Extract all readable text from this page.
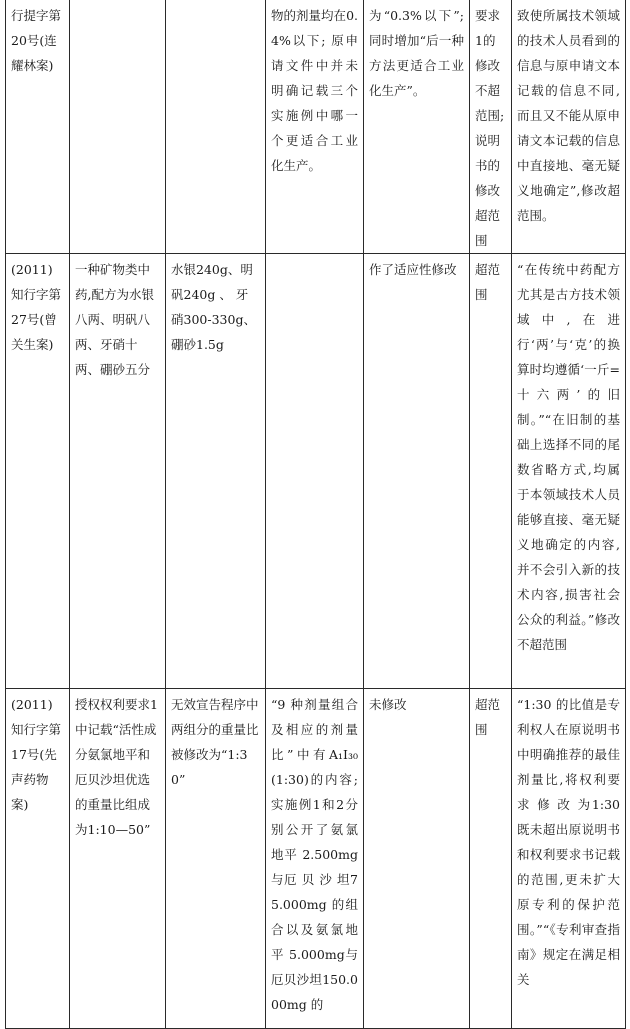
行提字第20号(连耀林案)			物的剂量均在0.4%以下; 原申请文件中并未明确记载三个实施例中哪一个更适合工业化生产。	为“0.3%以下”; 同时增加“后一种方法更适合工业化生产”。	要求1的修改不超范围; 说明书的修改超范围	致使所属技术领域的技术人员看到的信息与原申请文本记载的信息不同,而且又不能从原申请文本记载的信息中直接地、毫无疑义地确定”,修改超范围。
(2011)知行字第27号(曾关生案)	一种矿物类中药,配方为水银八两、明矾八两、牙硝十两、硼砂五分	水银240g、明矾240g 、 牙 硝300-330g、硼砂1.5g		作了适应性修改	超范围	“在传统中药配方尤其是古方技术领域中,在进行‘两’与‘克’的换算时均遵循‘一斤=十六两’的旧制。”“在旧制的基础上选择不同的尾数省略方式,均属于本领域技术人员能够直接、毫无疑义地确定的内容,并不会引入新的技术内容,损害社会公众的利益。”修改不超范围
(2011)知行字第17号(先声药物案)	授权权利要求1中记载“活性成分氨氯地平和厄贝沙坦优选的重量比组成为1:10—50”	无效宣告程序中两组分的重量比被修改为“1:30”	“9 种剂量组合及相应的剂量比”中有A₁I₃₀(1:30)的内容;实施例1和2分别公开了氨氯地平 2.500mg 与厄 贝 沙 坦75.000mg 的组合以及氨氯地平 5.000mg与厄贝沙坦150.000mg 的	未修改	超范围	“1:30 的比值是专利权人在原说明书中明确推荐的最佳剂量比,将权利要 求 修 改 为1:30 既未超出原说明书和权利要求书记载的范围,更未扩大原专利的保护范围。”“《专利审查指南》规定在满足相关
